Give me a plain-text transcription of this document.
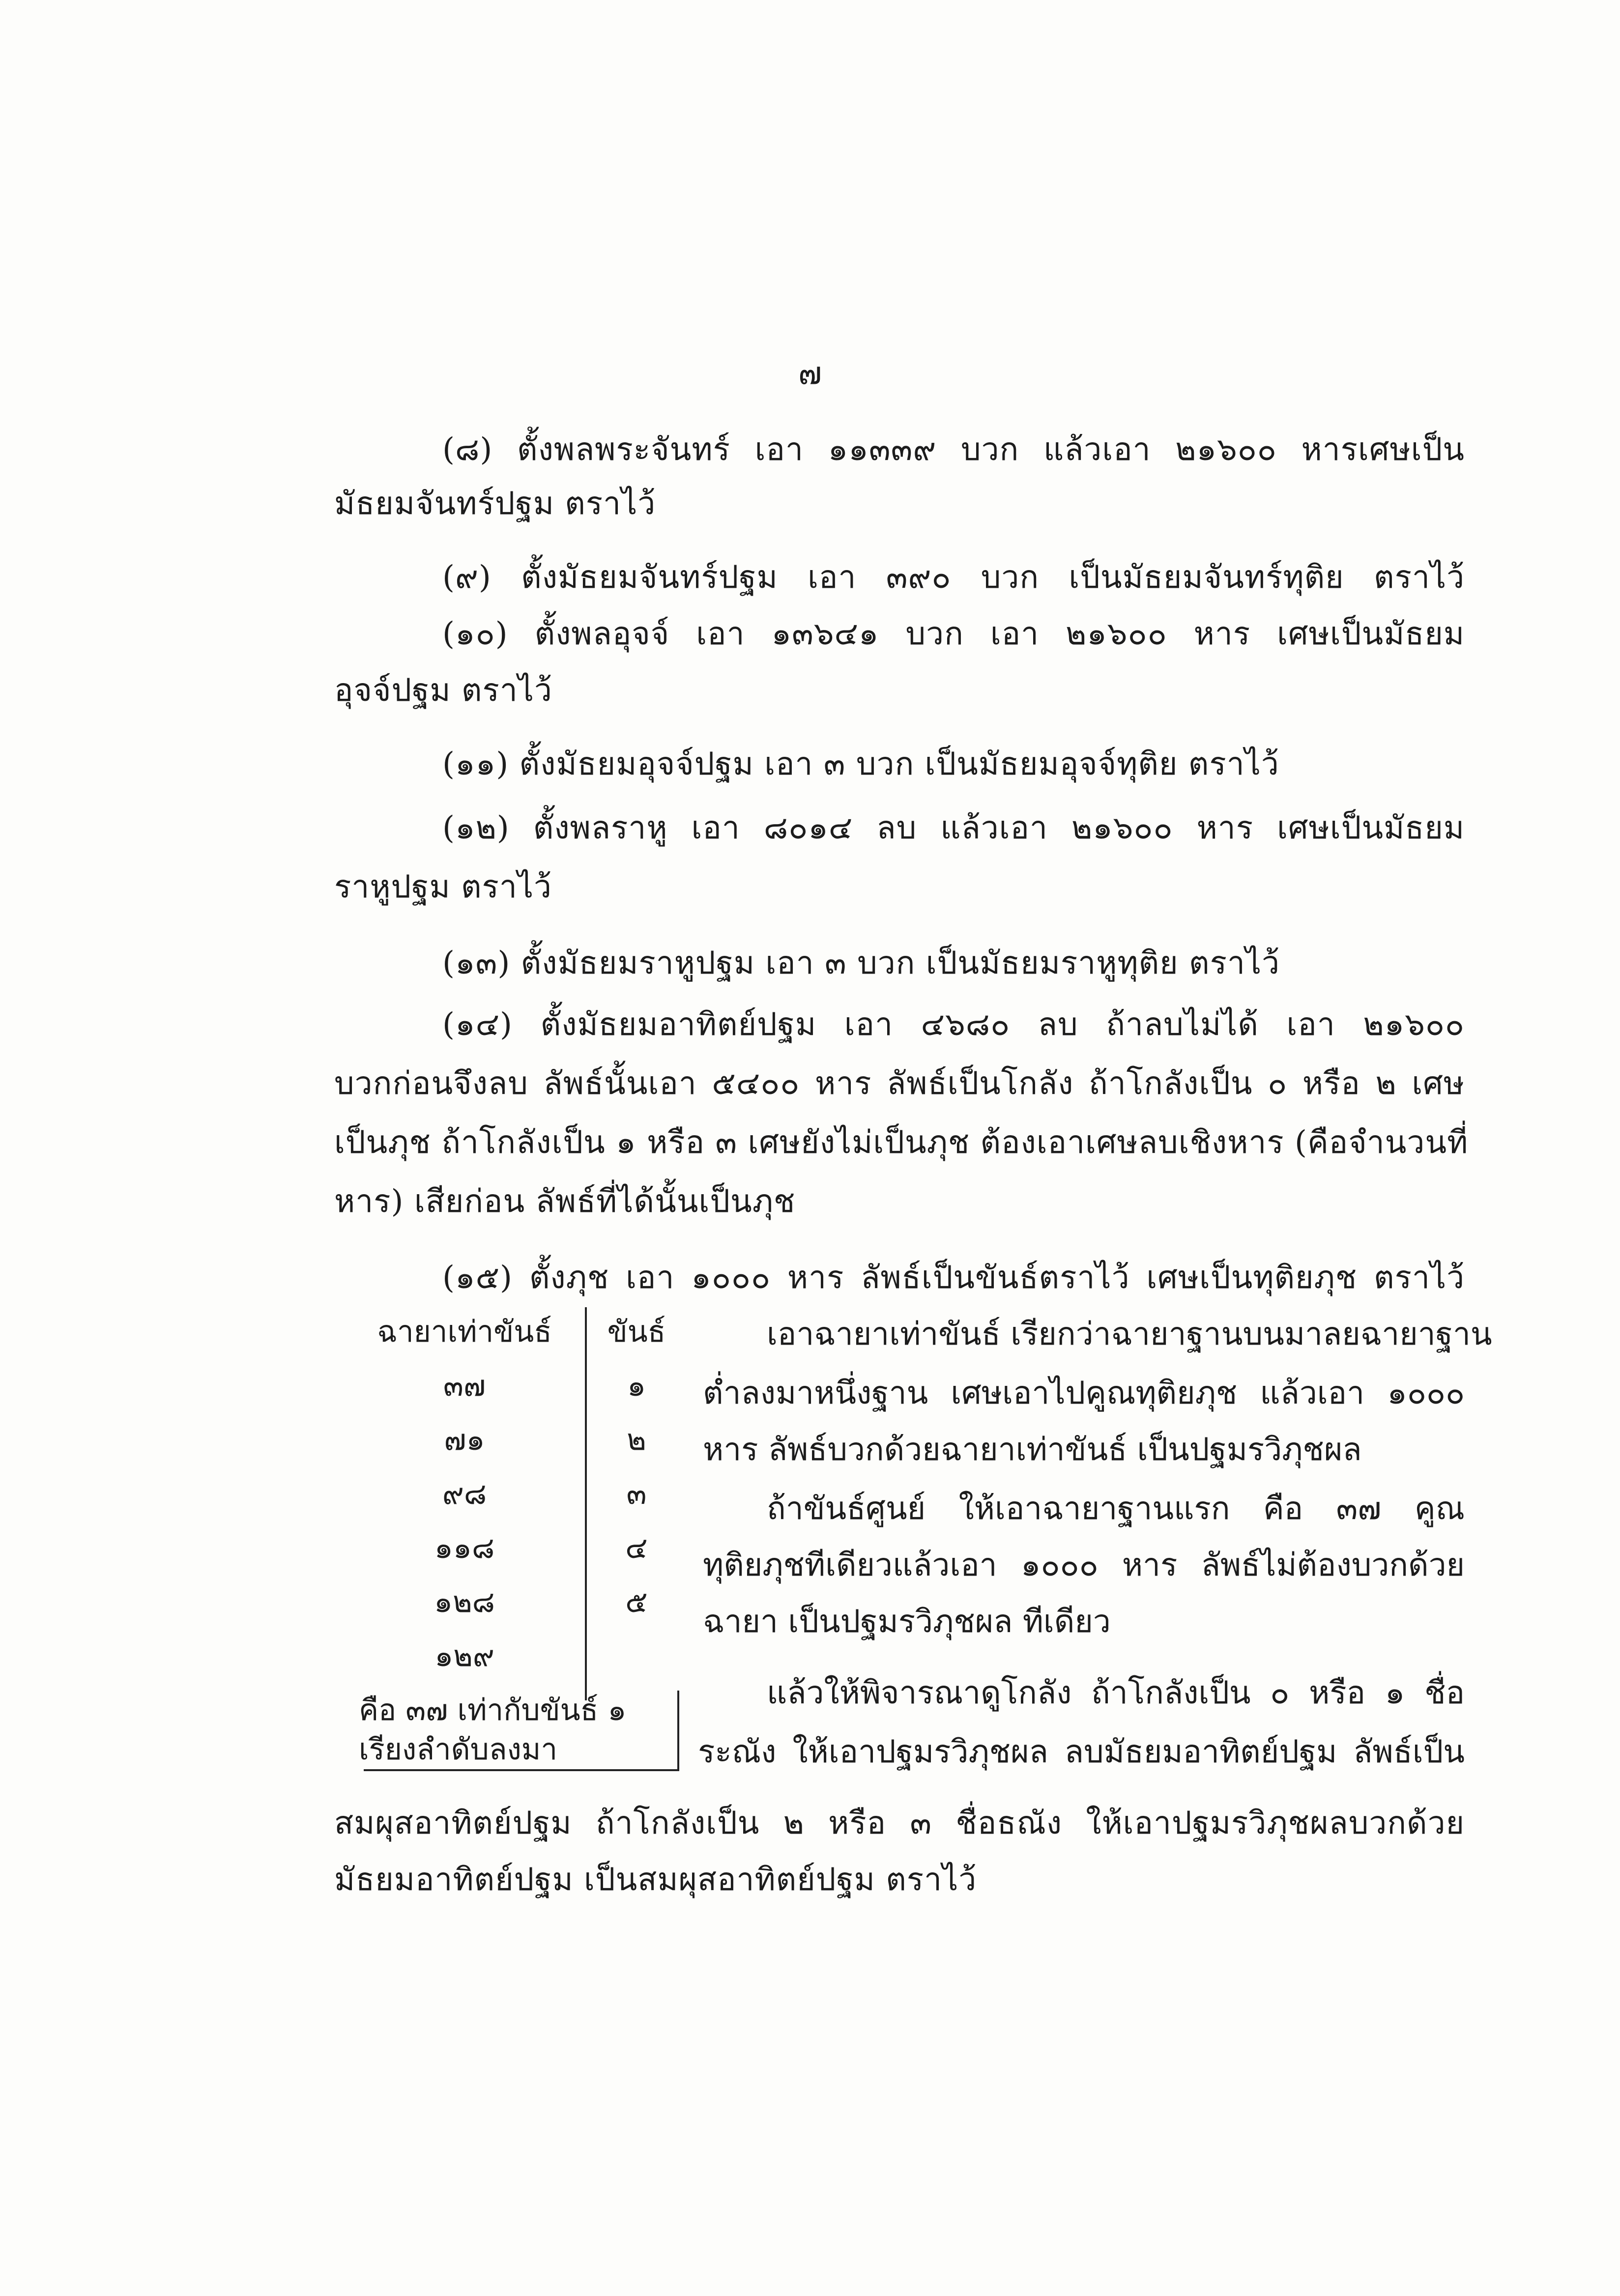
๗
(๘) ตั้งพลพระจันทร์ เอา ๑๑๓๓๙ บวก แล้วเอา ๒๑๖๐๐ หารเศษเป็น
มัธยมจันทร์ปฐม ตราไว้
(๙) ตั้งมัธยมจันทร์ปฐม เอา ๓๙๐ บวก เป็นมัธยมจันทร์ทุติย ตราไว้
(๑๐) ตั้งพลอุจจ์ เอา ๑๓๖๔๑ บวก เอา ๒๑๖๐๐ หาร เศษเป็นมัธยม
อุจจ์ปฐม ตราไว้
(๑๑) ตั้งมัธยมอุจจ์ปฐม เอา ๓ บวก เป็นมัธยมอุจจ์ทุติย ตราไว้
(๑๒) ตั้งพลราหู เอา ๘๐๑๔ ลบ แล้วเอา ๒๑๖๐๐ หาร เศษเป็นมัธยม
ราหูปฐม ตราไว้
(๑๓) ตั้งมัธยมราหูปฐม เอา ๓ บวก เป็นมัธยมราหูทุติย ตราไว้
(๑๔) ตั้งมัธยมอาทิตย์ปฐม เอา ๔๖๘๐ ลบ ถ้าลบไม่ได้ เอา ๒๑๖๐๐
บวกก่อนจึงลบ ลัพธ์นั้นเอา ๕๔๐๐ หาร ลัพธ์เป็นโกลัง ถ้าโกลังเป็น ๐ หรือ ๒ เศษ
เป็นภุช ถ้าโกลังเป็น ๑ หรือ ๓ เศษยังไม่เป็นภุช ต้องเอาเศษลบเชิงหาร (คือจำนวนที่
หาร) เสียก่อน ลัพธ์ที่ได้นั้นเป็นภุช
(๑๕) ตั้งภุช เอา ๑๐๐๐ หาร ลัพธ์เป็นขันธ์ตราไว้ เศษเป็นทุติยภุช ตราไว้
ฉายาเท่าขันธ์	ขันธ์
๓๗	๑
๗๑	๒
๙๘	๓
๑๑๘	๔
๑๒๘	๕
๑๒๙
คือ ๓๗ เท่ากับขันธ์ ๑
เรียงลำดับลงมา
เอาฉายาเท่าขันธ์ เรียกว่าฉายาฐานบนมาลยฉายาฐาน
ต่ำลงมาหนึ่งฐาน เศษเอาไปคูณทุติยภุช แล้วเอา ๑๐๐๐
หาร ลัพธ์บวกด้วยฉายาเท่าขันธ์ เป็นปฐมรวิภุชผล
ถ้าขันธ์ศูนย์ ให้เอาฉายาฐานแรก คือ ๓๗ คูณ
ทุติยภุชทีเดียวแล้วเอา ๑๐๐๐ หาร ลัพธ์ไม่ต้องบวกด้วย
ฉายา เป็นปฐมรวิภุชผล ทีเดียว
แล้วให้พิจารณาดูโกลัง ถ้าโกลังเป็น ๐ หรือ ๑ ชื่อ
ระณัง ให้เอาปฐมรวิภุชผล ลบมัธยมอาทิตย์ปฐม ลัพธ์เป็น
สมผุสอาทิตย์ปฐม ถ้าโกลังเป็น ๒ หรือ ๓ ชื่อธณัง ให้เอาปฐมรวิภุชผลบวกด้วย
มัธยมอาทิตย์ปฐม เป็นสมผุสอาทิตย์ปฐม ตราไว้
